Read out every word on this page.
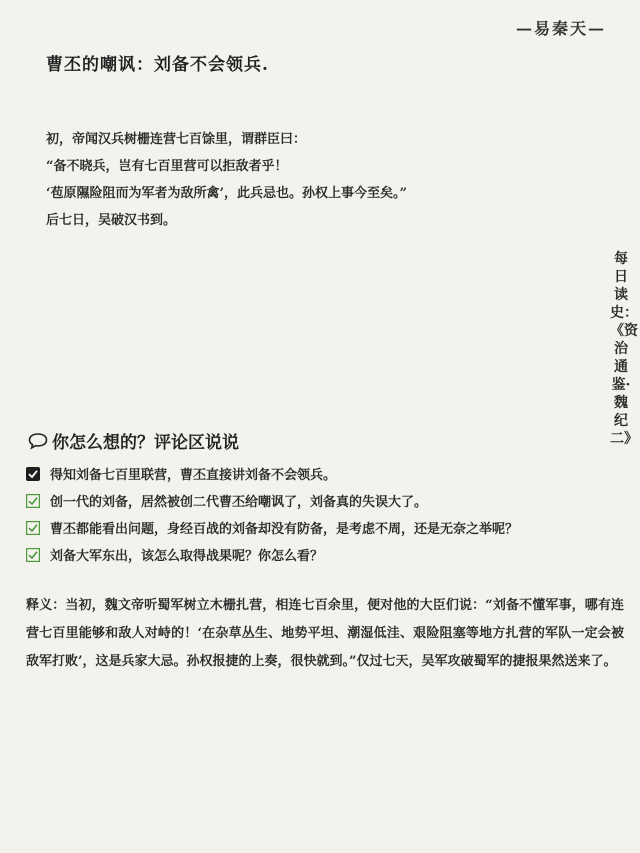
—易秦天—
曹丕的嘲讽：刘备不会领兵.
初，帝闻汉兵树栅连营七百馀里，谓群臣曰：
“备不晓兵，岂有七百里营可以拒敌者乎！
‘苞原隰险阻而为军者为敌所禽’，此兵忌也。孙权上事今至矣。”
后七日，吴破汉书到。
每日读史：《资治通鉴·魏纪二》
你怎么想的？评论区说说
得知刘备七百里联营，曹丕直接讲刘备不会领兵。
创一代的刘备，居然被创二代曹丕给嘲讽了，刘备真的失误大了。
曹丕都能看出问题，身经百战的刘备却没有防备，是考虑不周，还是无奈之举呢？
刘备大军东出，该怎么取得战果呢？你怎么看？
释义：当初，魏文帝听蜀军树立木栅扎营，相连七百余里，便对他的大臣们说：“刘备不懂军事，哪有连营七百里能够和敌人对峙的！‘在杂草丛生、地势平坦、潮湿低洼、艰险阻塞等地方扎营的军队一定会被敌军打败’，这是兵家大忌。孙权报捷的上奏，很快就到。”仅过七天，吴军攻破蜀军的捷报果然送来了。
